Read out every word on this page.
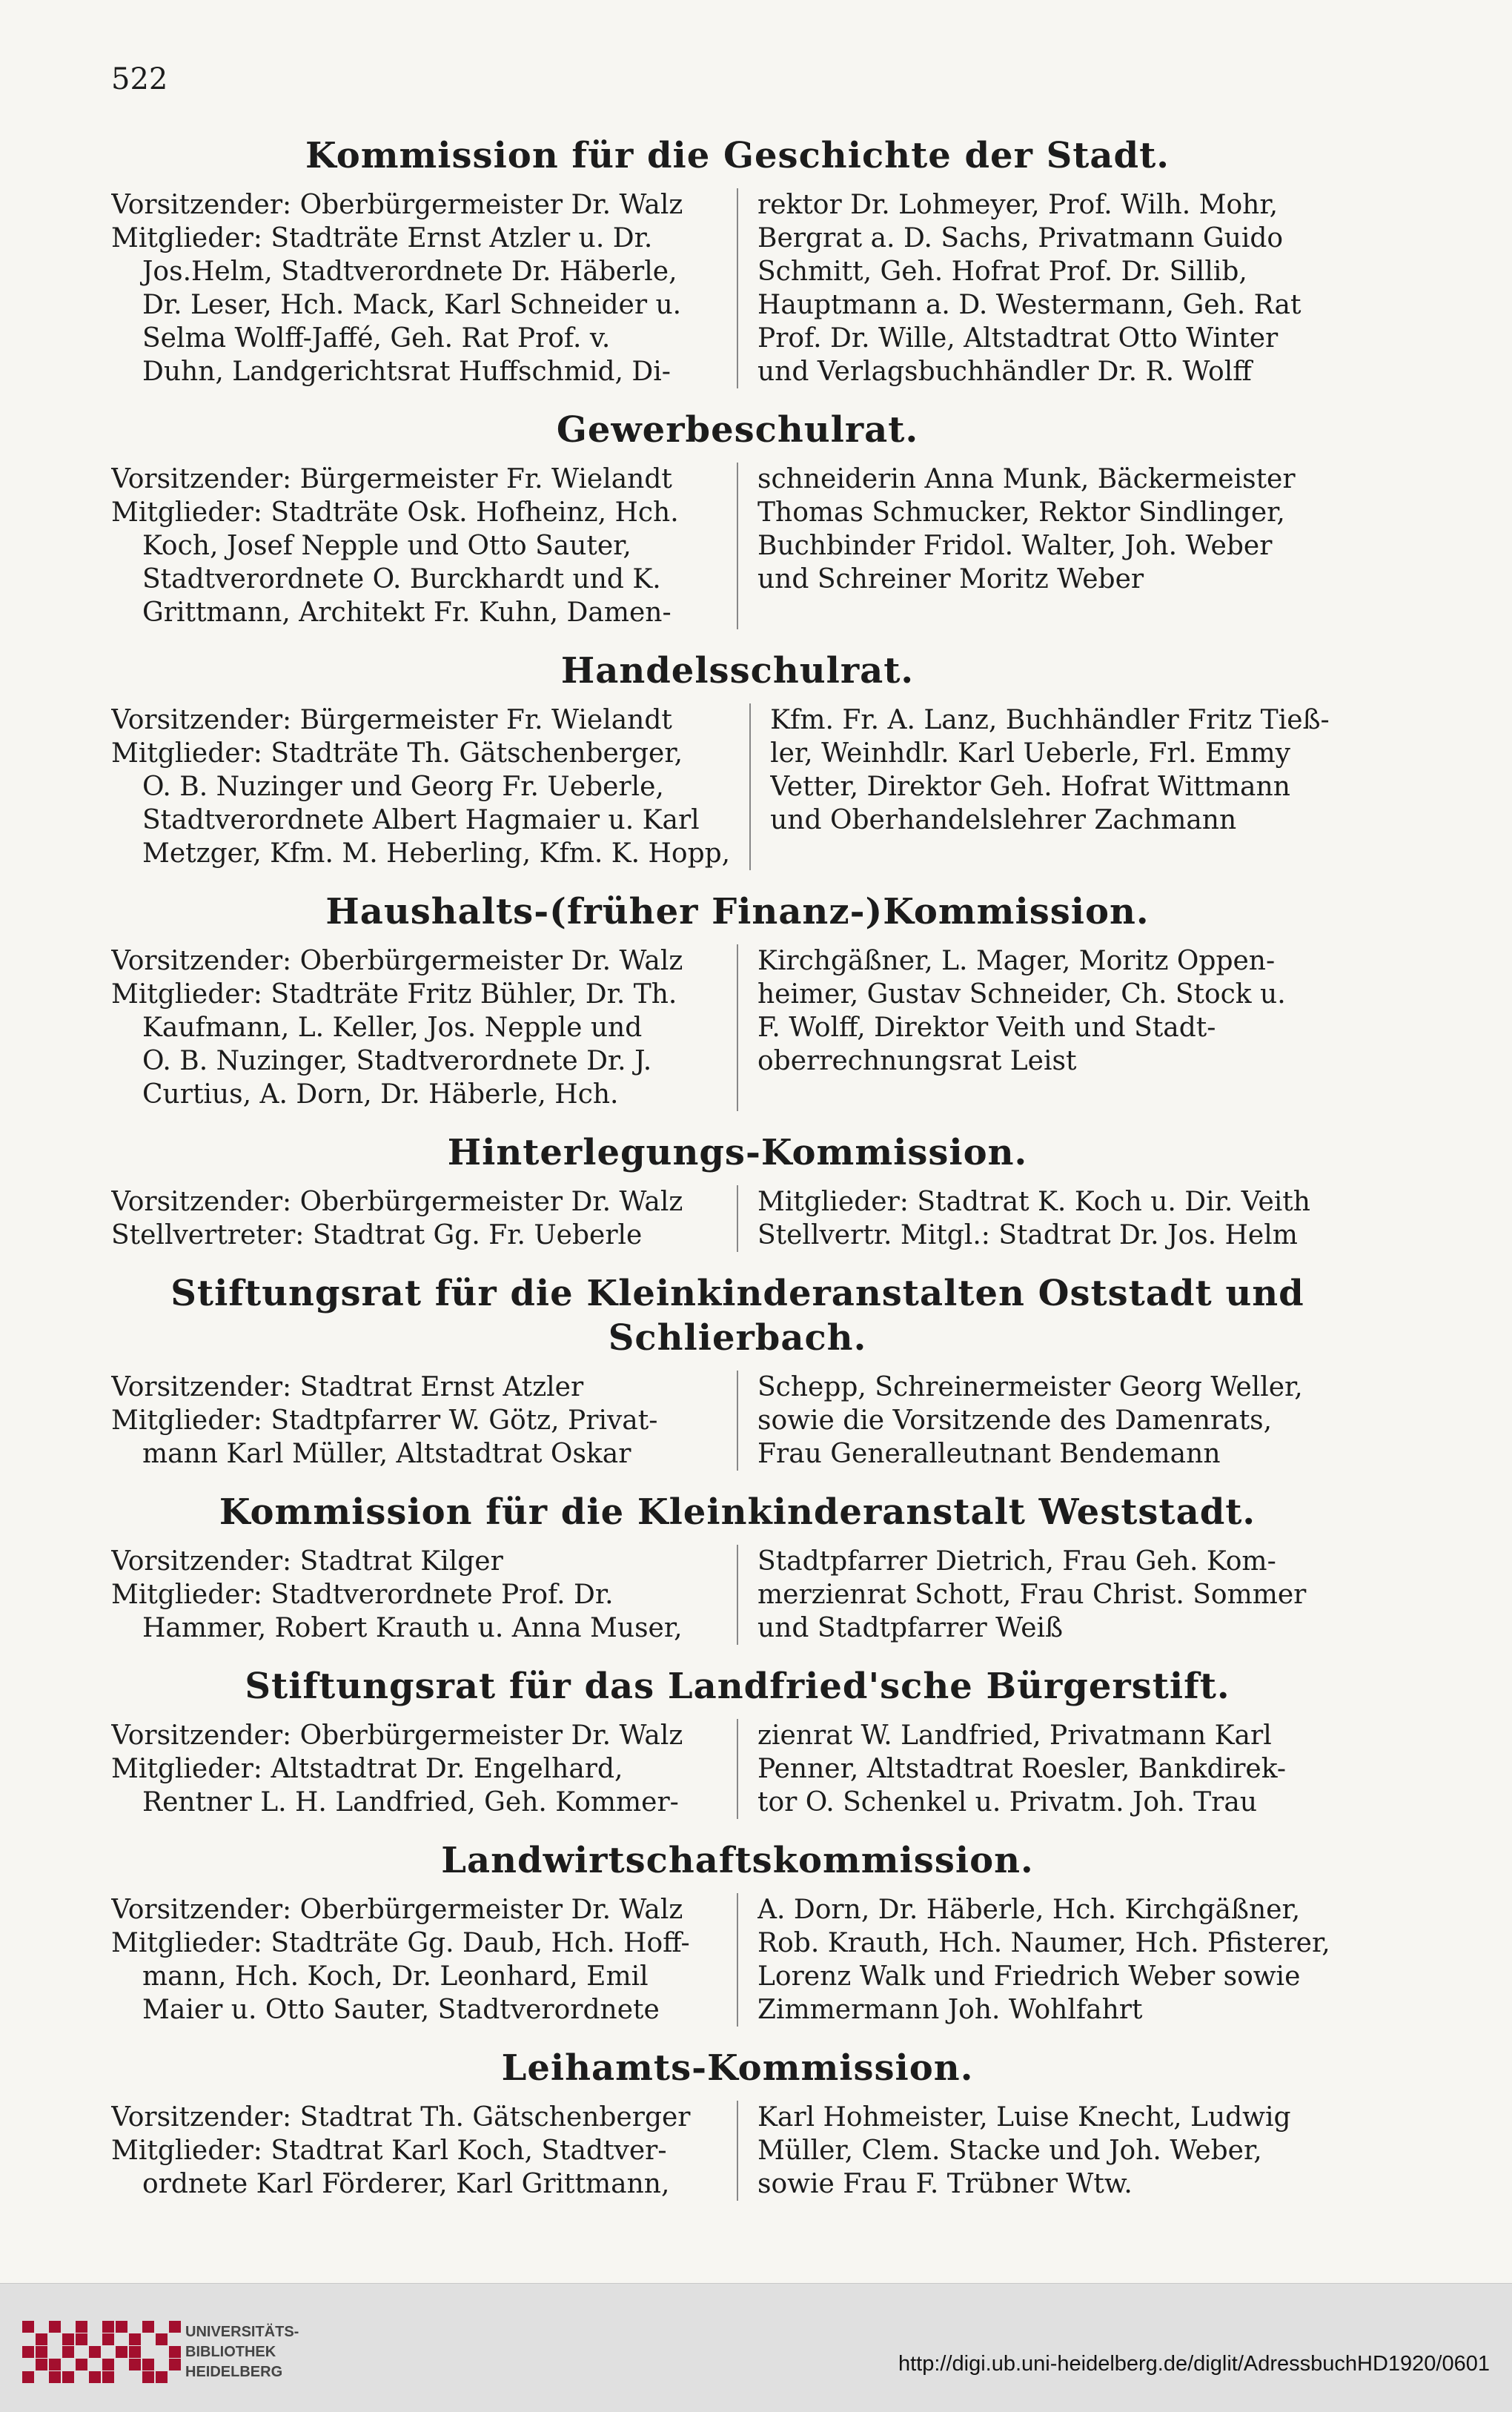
522
Kommission für die Geschichte der Stadt.
Vorsitzender: Oberbürgermeister Dr. Walz
Mitglieder: Stadträte Ernst Atzler u. Dr.
Jos.Helm, Stadtverordnete Dr. Häberle,
Dr. Leser, Hch. Mack, Karl Schneider u.
Selma Wolff-Jaffé, Geh. Rat Prof. v.
Duhn, Landgerichtsrat Huffschmid, Di-
rektor Dr. Lohmeyer, Prof. Wilh. Mohr,
Bergrat a. D. Sachs, Privatmann Guido
Schmitt, Geh. Hofrat Prof. Dr. Sillib,
Hauptmann a. D. Westermann, Geh. Rat
Prof. Dr. Wille, Altstadtrat Otto Winter
und Verlagsbuchhändler Dr. R. Wolff
Gewerbeschulrat.
Vorsitzender: Bürgermeister Fr. Wielandt
Mitglieder: Stadträte Osk. Hofheinz, Hch.
Koch, Josef Nepple und Otto Sauter,
Stadtverordnete O. Burckhardt und K.
Grittmann, Architekt Fr. Kuhn, Damen-
schneiderin Anna Munk, Bäckermeister
Thomas Schmucker, Rektor Sindlinger,
Buchbinder Fridol. Walter, Joh. Weber
und Schreiner Moritz Weber
Handelsschulrat.
Vorsitzender: Bürgermeister Fr. Wielandt
Mitglieder: Stadträte Th. Gätschenberger,
O. B. Nuzinger und Georg Fr. Ueberle,
Stadtverordnete Albert Hagmaier u. Karl
Metzger, Kfm. M. Heberling, Kfm. K. Hopp,
Kfm. Fr. A. Lanz, Buchhändler Fritz Tieß-
ler, Weinhdlr. Karl Ueberle, Frl. Emmy
Vetter, Direktor Geh. Hofrat Wittmann
und Oberhandelslehrer Zachmann
Haushalts-(früher Finanz-)Kommission.
Vorsitzender: Oberbürgermeister Dr. Walz
Mitglieder: Stadträte Fritz Bühler, Dr. Th.
Kaufmann, L. Keller, Jos. Nepple und
O. B. Nuzinger, Stadtverordnete Dr. J.
Curtius, A. Dorn, Dr. Häberle, Hch.
Kirchgäßner, L. Mager, Moritz Oppen-
heimer, Gustav Schneider, Ch. Stock u.
F. Wolff, Direktor Veith und Stadt-
oberrechnungsrat Leist
Hinterlegungs-Kommission.
Vorsitzender: Oberbürgermeister Dr. Walz
Stellvertreter: Stadtrat Gg. Fr. Ueberle
Mitglieder: Stadtrat K. Koch u. Dir. Veith
Stellvertr. Mitgl.: Stadtrat Dr. Jos. Helm
Stiftungsrat für die Kleinkinderanstalten Oststadt und Schlierbach.
Vorsitzender: Stadtrat Ernst Atzler
Mitglieder: Stadtpfarrer W. Götz, Privat-
mann Karl Müller, Altstadtrat Oskar
Schepp, Schreinermeister Georg Weller,
sowie die Vorsitzende des Damenrats,
Frau Generalleutnant Bendemann
Kommission für die Kleinkinderanstalt Weststadt.
Vorsitzender: Stadtrat Kilger
Mitglieder: Stadtverordnete Prof. Dr.
Hammer, Robert Krauth u. Anna Muser,
Stadtpfarrer Dietrich, Frau Geh. Kom-
merzienrat Schott, Frau Christ. Sommer
und Stadtpfarrer Weiß
Stiftungsrat für das Landfried'sche Bürgerstift.
Vorsitzender: Oberbürgermeister Dr. Walz
Mitglieder: Altstadtrat Dr. Engelhard,
Rentner L. H. Landfried, Geh. Kommer-
zienrat W. Landfried, Privatmann Karl
Penner, Altstadtrat Roesler, Bankdirek-
tor O. Schenkel u. Privatm. Joh. Trau
Landwirtschaftskommission.
Vorsitzender: Oberbürgermeister Dr. Walz
Mitglieder: Stadträte Gg. Daub, Hch. Hoff-
mann, Hch. Koch, Dr. Leonhard, Emil
Maier u. Otto Sauter, Stadtverordnete
A. Dorn, Dr. Häberle, Hch. Kirchgäßner,
Rob. Krauth, Hch. Naumer, Hch. Pfisterer,
Lorenz Walk und Friedrich Weber sowie
Zimmermann Joh. Wohlfahrt
Leihamts-Kommission.
Vorsitzender: Stadtrat Th. Gätschenberger
Mitglieder: Stadtrat Karl Koch, Stadtver-
ordnete Karl Förderer, Karl Grittmann,
Karl Hohmeister, Luise Knecht, Ludwig
Müller, Clem. Stacke und Joh. Weber,
sowie Frau F. Trübner Wtw.
UNIVERSITÄTS-
BIBLIOTHEK
HEIDELBERG	http://digi.ub.uni-heidelberg.de/diglit/AdressbuchHD1920/0601
